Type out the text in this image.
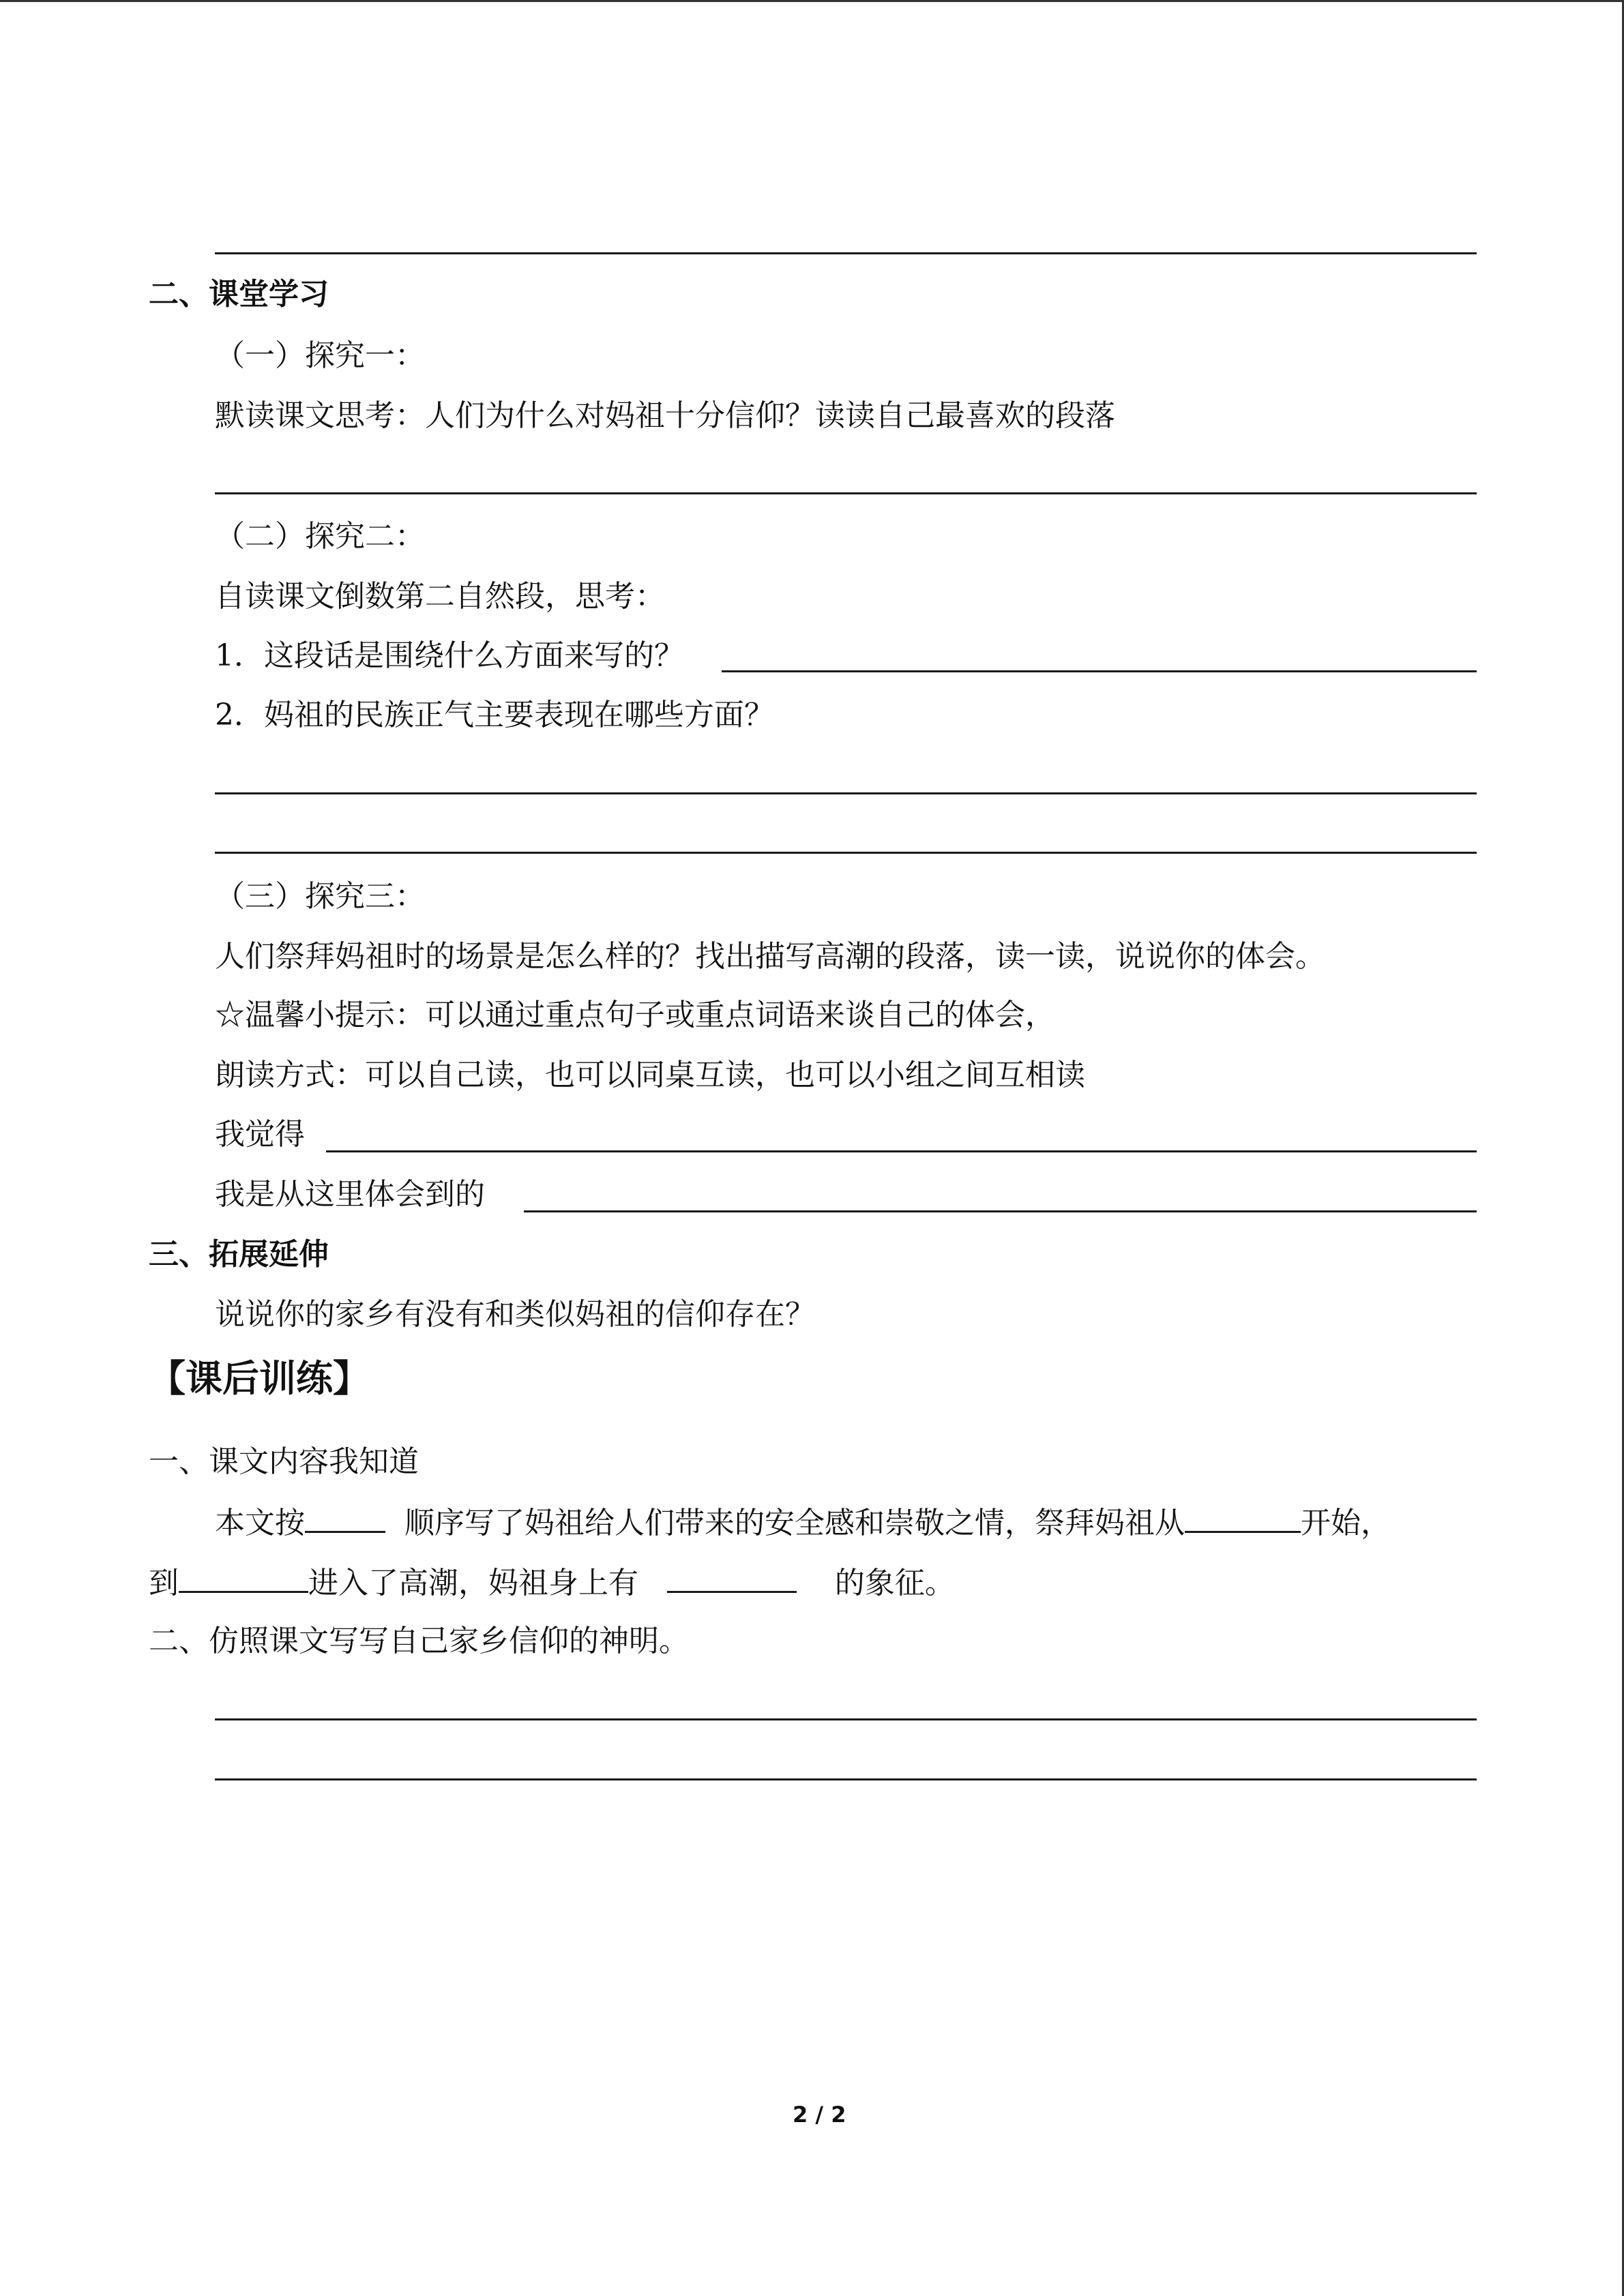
二、课堂学习
（一）探究一：
默读课文思考：人们为什么对妈祖十分信仰？读读自己最喜欢的段落
（二）探究二：
自读课文倒数第二自然段，思考：
1．这段话是围绕什么方面来写的？
2．妈祖的民族正气主要表现在哪些方面？
（三）探究三：
人们祭拜妈祖时的场景是怎么样的？找出描写高潮的段落，读一读，说说你的体会。
☆温馨小提示：可以通过重点句子或重点词语来谈自己的体会，
朗读方式：可以自己读，也可以同桌互读，也可以小组之间互相读
我觉得
我是从这里体会到的
三、拓展延伸
说说你的家乡有没有和类似妈祖的信仰存在？
【课后训练】
一、课文内容我知道
本文按	顺序写了妈祖给人们带来的安全感和崇敬之情，祭拜妈祖从	开始，
到	进入了高潮，妈祖身上有	的象征。
二、仿照课文写写自己家乡信仰的神明。
2 / 2
